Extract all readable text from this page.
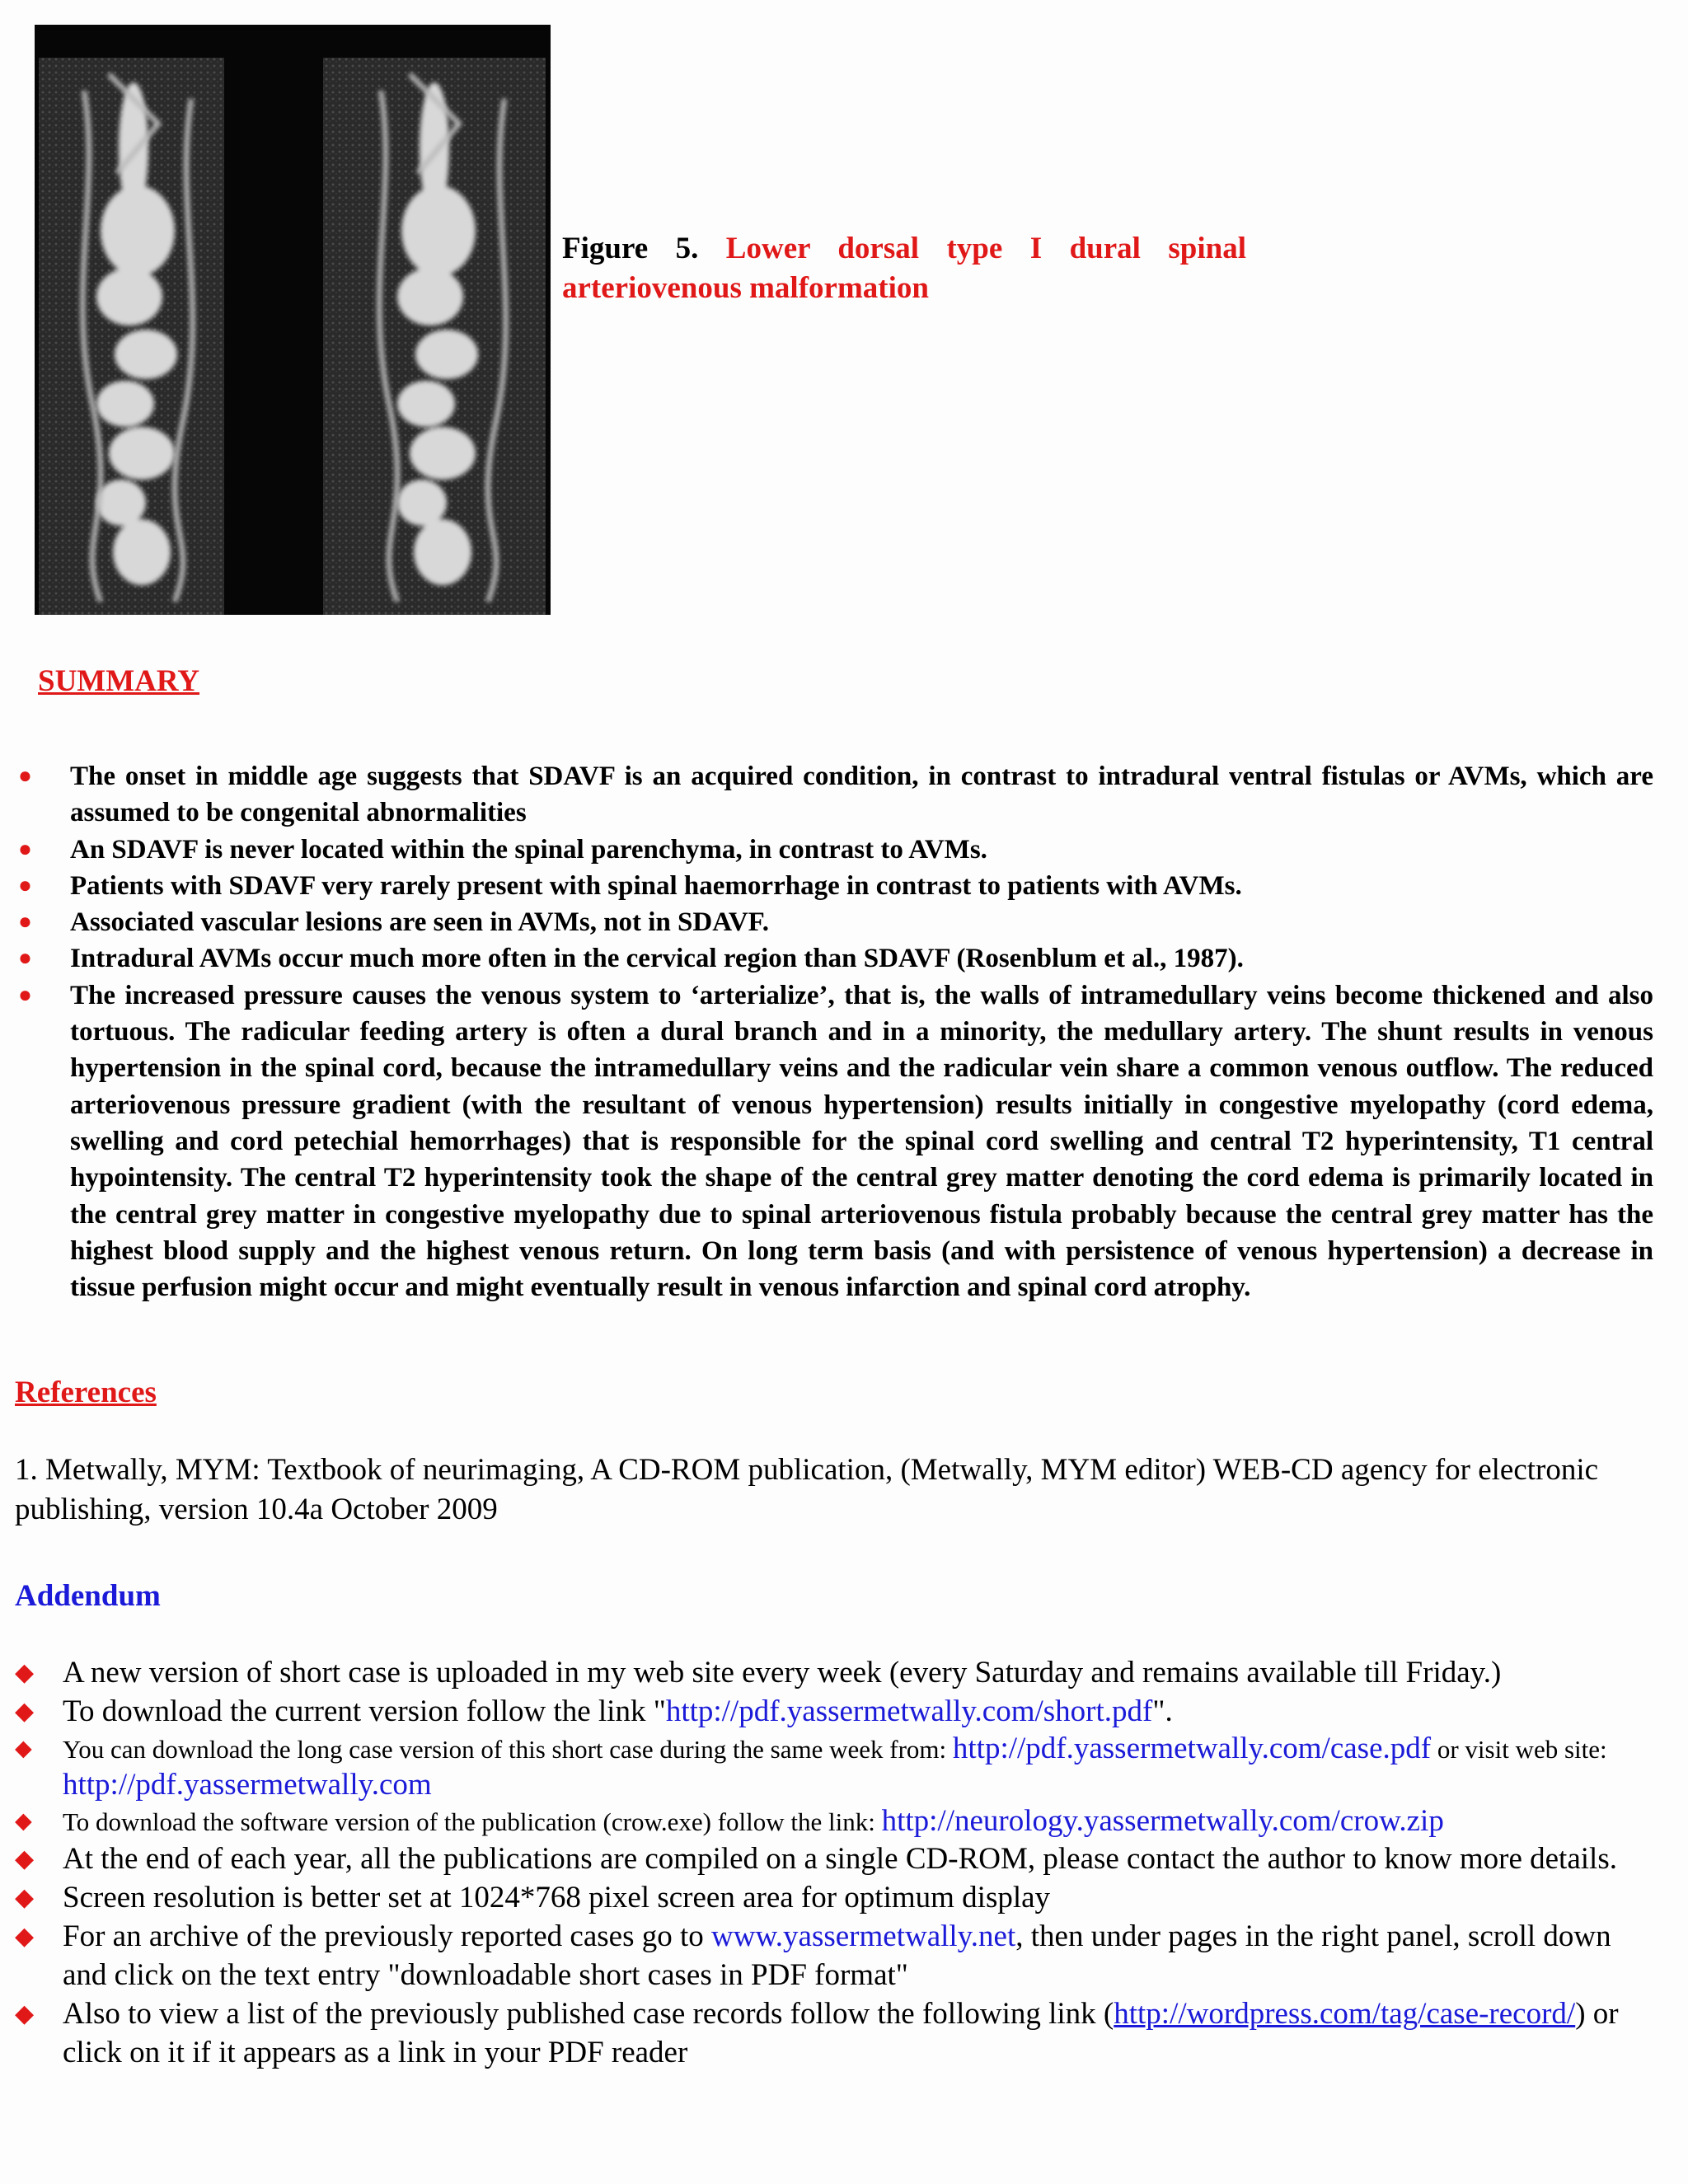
Figure 5. Lower dorsal type I dural spinal arteriovenous malformation
SUMMARY
● The onset in middle age suggests that SDAVF is an acquired condition, in contrast to intradural ventral fistulas or AVMs, which are assumed to be congenital abnormalities
● An SDAVF is never located within the spinal parenchyma, in contrast to AVMs.
● Patients with SDAVF very rarely present with spinal haemorrhage in contrast to patients with AVMs.
● Associated vascular lesions are seen in AVMs, not in SDAVF.
● Intradural AVMs occur much more often in the cervical region than SDAVF (Rosenblum et al., 1987).
● The increased pressure causes the venous system to ‘arterialize’, that is, the walls of intramedullary veins become thickened and also tortuous. The radicular feeding artery is often a dural branch and in a minority, the medullary artery. The shunt results in venous hypertension in the spinal cord, because the intramedullary veins and the radicular vein share a common venous outflow. The reduced arteriovenous pressure gradient (with the resultant of venous hypertension) results initially in congestive myelopathy (cord edema, swelling and cord petechial hemorrhages) that is responsible for the spinal cord swelling and central T2 hyperintensity, T1 central hypointensity. The central T2 hyperintensity took the shape of the central grey matter denoting the cord edema is primarily located in the central grey matter in congestive myelopathy due to spinal arteriovenous fistula probably because the central grey matter has the highest blood supply and the highest venous return. On long term basis (and with persistence of venous hypertension) a decrease in tissue perfusion might occur and might eventually result in venous infarction and spinal cord atrophy.
References
1. Metwally, MYM: Textbook of neurimaging, A CD-ROM publication, (Metwally, MYM editor) WEB-CD agency for electronic publishing, version 10.4a October 2009
Addendum
◆ A new version of short case is uploaded in my web site every week (every Saturday and remains available till Friday.)
◆ To download the current version follow the link "http://pdf.yassermetwally.com/short.pdf".
◆ You can download the long case version of this short case during the same week from: http://pdf.yassermetwally.com/case.pdf or visit web site: http://pdf.yassermetwally.com
◆ To download the software version of the publication (crow.exe) follow the link: http://neurology.yassermetwally.com/crow.zip
◆ At the end of each year, all the publications are compiled on a single CD-ROM, please contact the author to know more details.
◆ Screen resolution is better set at 1024*768 pixel screen area for optimum display
◆ For an archive of the previously reported cases go to www.yassermetwally.net, then under pages in the right panel, scroll down and click on the text entry "downloadable short cases in PDF format"
◆ Also to view a list of the previously published case records follow the following link (http://wordpress.com/tag/case-record/) or click on it if it appears as a link in your PDF reader
